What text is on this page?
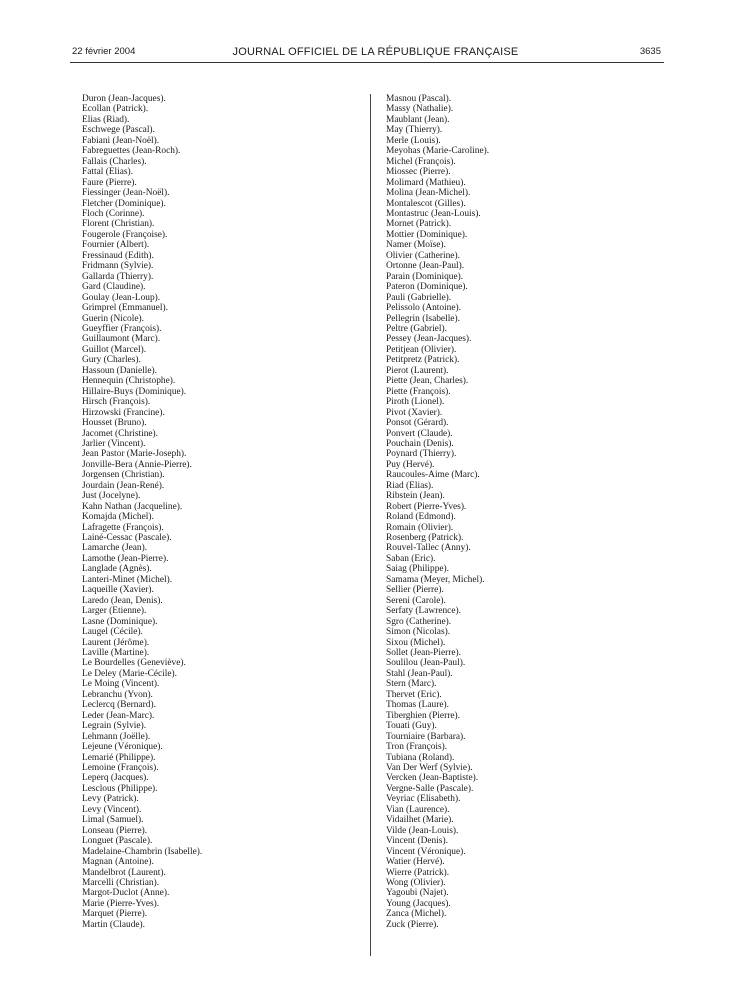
22 février 2004	JOURNAL OFFICIEL DE LA RÉPUBLIQUE FRANÇAISE	3635
Duron (Jean-Jacques).
Ecollan (Patrick).
Elias (Riad).
Eschwege (Pascal).
Fabiani (Jean-Noël).
Fabreguettes (Jean-Roch).
Fallais (Charles).
Fattal (Elias).
Faure (Pierre).
Fiessinger (Jean-Noël).
Fletcher (Dominique).
Floch (Corinne).
Florent (Christian).
Fougerole (Françoise).
Fournier (Albert).
Fressinaud (Edith).
Fridmann (Sylvie).
Gallarda (Thierry).
Gard (Claudine).
Goulay (Jean-Loup).
Grimprel (Emmanuel).
Guerin (Nicole).
Gueyffier (François).
Guillaumont (Marc).
Guillot (Marcel).
Gury (Charles).
Hassoun (Danielle).
Hennequin (Christophe).
Hillaire-Buys (Dominique).
Hirsch (François).
Hirzowski (Francine).
Housset (Bruno).
Jacomet (Christine).
Jarlier (Vincent).
Jean Pastor (Marie-Joseph).
Jonville-Bera (Annie-Pierre).
Jorgensen (Christian).
Jourdain (Jean-René).
Just (Jocelyne).
Kahn Nathan (Jacqueline).
Komajda (Michel).
Lafragette (François).
Lainé-Cessac (Pascale).
Lamarche (Jean).
Lamothe (Jean-Pierre).
Langlade (Agnès).
Lanteri-Minet (Michel).
Laqueille (Xavier).
Laredo (Jean, Denis).
Larger (Etienne).
Lasne (Dominique).
Laugel (Cécile).
Laurent (Jérôme).
Laville (Martine).
Le Bourdelles (Geneviève).
Le Deley (Marie-Cécile).
Le Moing (Vincent).
Lebranchu (Yvon).
Leclercq (Bernard).
Leder (Jean-Marc).
Legrain (Sylvie).
Lehmann (Joëlle).
Lejeune (Véronique).
Lemarié (Philippe).
Lemoine (François).
Leperq (Jacques).
Lesclous (Philippe).
Levy (Patrick).
Levy (Vincent).
Limal (Samuel).
Lonseau (Pierre).
Longuet (Pascale).
Madelaine-Chambrin (Isabelle).
Magnan (Antoine).
Mandelbrot (Laurent).
Marcelli (Christian).
Margot-Duclot (Anne).
Marie (Pierre-Yves).
Marquet (Pierre).
Martin (Claude).
Masnou (Pascal).
Massy (Nathalie).
Maublant (Jean).
May (Thierry).
Merle (Louis).
Meyohas (Marie-Caroline).
Michel (François).
Miossec (Pierre).
Molimard (Mathieu).
Molina (Jean-Michel).
Montalescot (Gilles).
Montastruc (Jean-Louis).
Mornet (Patrick).
Mottier (Dominique).
Namer (Moïse).
Olivier (Catherine).
Ortonne (Jean-Paul).
Parain (Dominique).
Pateron (Dominique).
Pauli (Gabrielle).
Pelissolo (Antoine).
Pellegrin (Isabelle).
Peltre (Gabriel).
Pessey (Jean-Jacques).
Petitjean (Olivier).
Petitpretz (Patrick).
Pierot (Laurent).
Piette (Jean, Charles).
Piette (François).
Piroth (Lionel).
Pivot (Xavier).
Ponsot (Gérard).
Ponvert (Claude).
Pouchain (Denis).
Poynard (Thierry).
Puy (Hervé).
Raucoules-Aime (Marc).
Riad (Elias).
Ribstein (Jean).
Robert (Pierre-Yves).
Roland (Edmond).
Romain (Olivier).
Rosenberg (Patrick).
Rouvel-Tallec (Anny).
Saban (Eric).
Saiag (Philippe).
Samama (Meyer, Michel).
Sellier (Pierre).
Sereni (Carole).
Serfaty (Lawrence).
Sgro (Catherine).
Simon (Nicolas).
Sixou (Michel).
Sollet (Jean-Pierre).
Soulilou (Jean-Paul).
Stahl (Jean-Paul).
Stern (Marc).
Thervet (Eric).
Thomas (Laure).
Tiberghien (Pierre).
Touati (Guy).
Tourniaire (Barbara).
Tron (François).
Tubiana (Roland).
Van Der Werf (Sylvie).
Vercken (Jean-Baptiste).
Vergne-Salle (Pascale).
Veyriac (Elisabeth).
Vian (Laurence).
Vidailhet (Marie).
Vilde (Jean-Louis).
Vincent (Denis).
Vincent (Véronique).
Watier (Hervé).
Wierre (Patrick).
Wong (Olivier).
Yagoubi (Najet).
Young (Jacques).
Zanca (Michel).
Zuck (Pierre).
